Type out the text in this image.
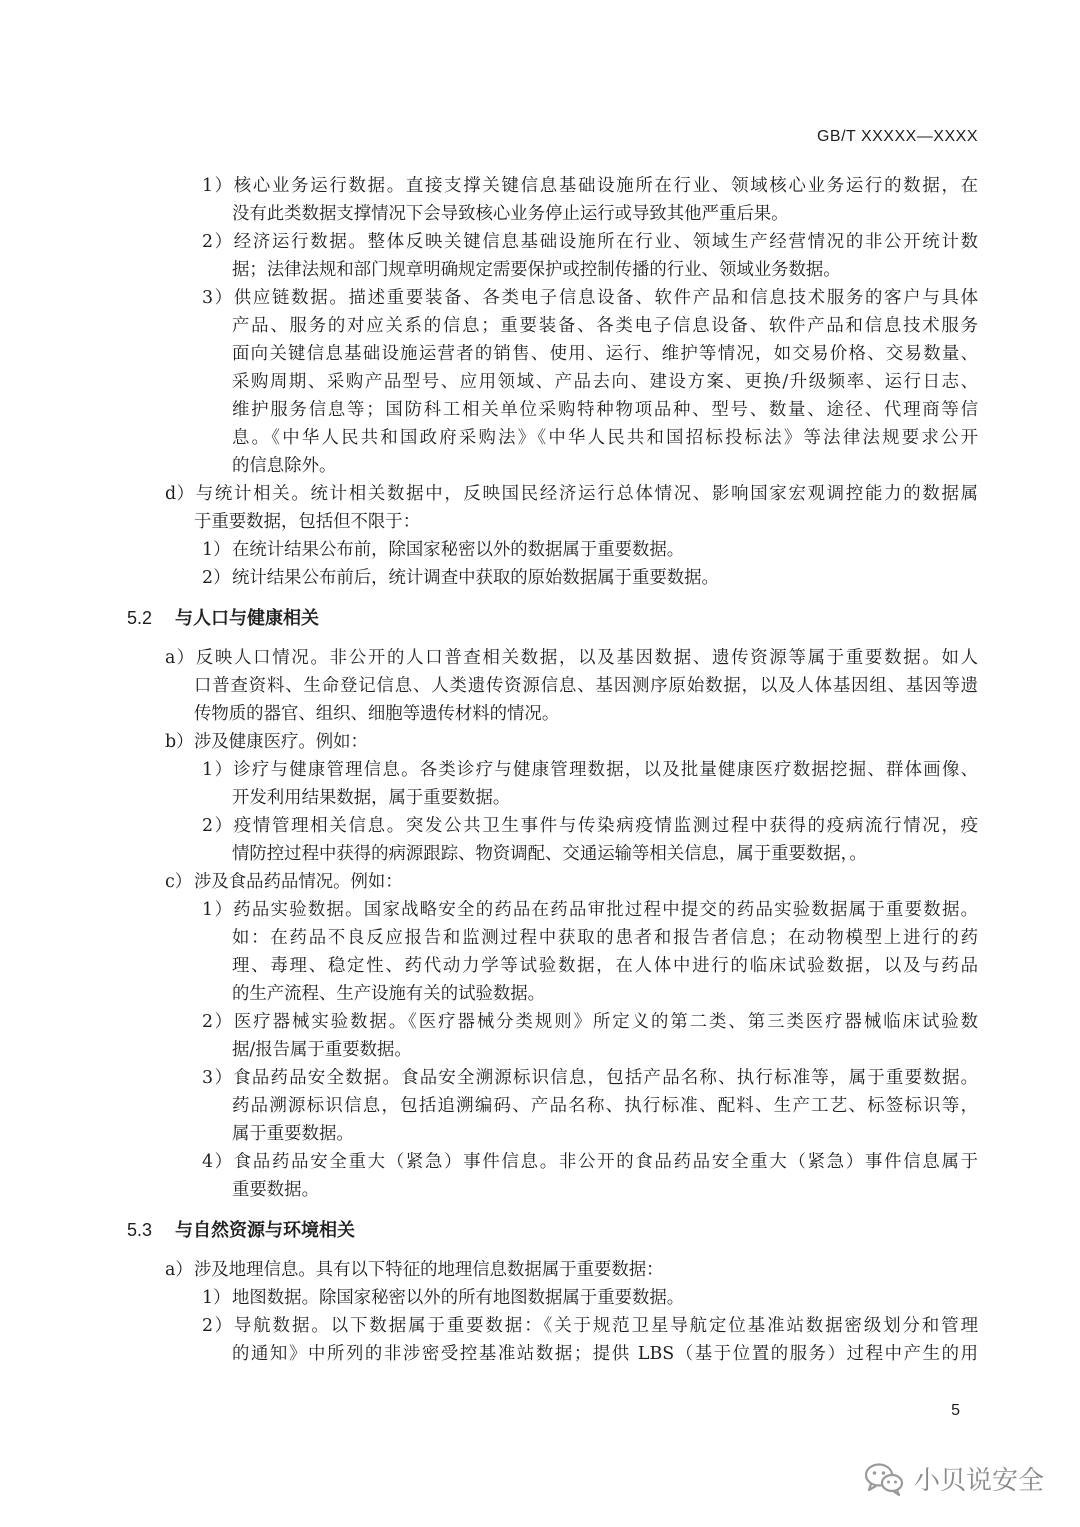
GB/T XXXXX—XXXX
1）核心业务运行数据。直接支撑关键信息基础设施所在行业、领域核心业务运行的数据，在
没有此类数据支撑情况下会导致核心业务停止运行或导致其他严重后果。
2）经济运行数据。整体反映关键信息基础设施所在行业、领域生产经营情况的非公开统计数
据；法律法规和部门规章明确规定需要保护或控制传播的行业、领域业务数据。
3）供应链数据。描述重要装备、各类电子信息设备、软件产品和信息技术服务的客户与具体
产品、服务的对应关系的信息；重要装备、各类电子信息设备、软件产品和信息技术服务
面向关键信息基础设施运营者的销售、使用、运行、维护等情况，如交易价格、交易数量、
采购周期、采购产品型号、应用领域、产品去向、建设方案、更换/升级频率、运行日志、
维护服务信息等；国防科工相关单位采购特种物项品种、型号、数量、途径、代理商等信
息。《中华人民共和国政府采购法》《中华人民共和国招标投标法》等法律法规要求公开
的信息除外。
d）与统计相关。统计相关数据中，反映国民经济运行总体情况、影响国家宏观调控能力的数据属
于重要数据，包括但不限于：
1）在统计结果公布前，除国家秘密以外的数据属于重要数据。
2）统计结果公布前后，统计调查中获取的原始数据属于重要数据。
5.2 与人口与健康相关
a）反映人口情况。非公开的人口普查相关数据，以及基因数据、遗传资源等属于重要数据。如人
口普查资料、生命登记信息、人类遗传资源信息、基因测序原始数据，以及人体基因组、基因等遗
传物质的器官、组织、细胞等遗传材料的情况。
b）涉及健康医疗。例如：
1）诊疗与健康管理信息。各类诊疗与健康管理数据，以及批量健康医疗数据挖掘、群体画像、
开发利用结果数据，属于重要数据。
2）疫情管理相关信息。突发公共卫生事件与传染病疫情监测过程中获得的疫病流行情况，疫
情防控过程中获得的病源跟踪、物资调配、交通运输等相关信息，属于重要数据，。
c） 涉及食品药品情况。例如：
1）药品实验数据。国家战略安全的药品在药品审批过程中提交的药品实验数据属于重要数据。
如：在药品不良反应报告和监测过程中获取的患者和报告者信息；在动物模型上进行的药
理、毒理、稳定性、药代动力学等试验数据，在人体中进行的临床试验数据，以及与药品
的生产流程、生产设施有关的试验数据。
2）医疗器械实验数据。《医疗器械分类规则》所定义的第二类、第三类医疗器械临床试验数
据/报告属于重要数据。
3）食品药品安全数据。食品安全溯源标识信息，包括产品名称、执行标准等，属于重要数据。
药品溯源标识信息，包括追溯编码、产品名称、执行标准、配料、生产工艺、标签标识等，
属于重要数据。
4）食品药品安全重大（紧急）事件信息。非公开的食品药品安全重大（紧急）事件信息属于
重要数据。
5.3 与自然资源与环境相关
a）涉及地理信息。具有以下特征的地理信息数据属于重要数据：
1）地图数据。除国家秘密以外的所有地图数据属于重要数据。
2）导航数据。以下数据属于重要数据：《关于规范卫星导航定位基准站数据密级划分和管理
的通知》中所列的非涉密受控基准站数据；提供 LBS（基于位置的服务）过程中产生的用
5
小贝说安全
